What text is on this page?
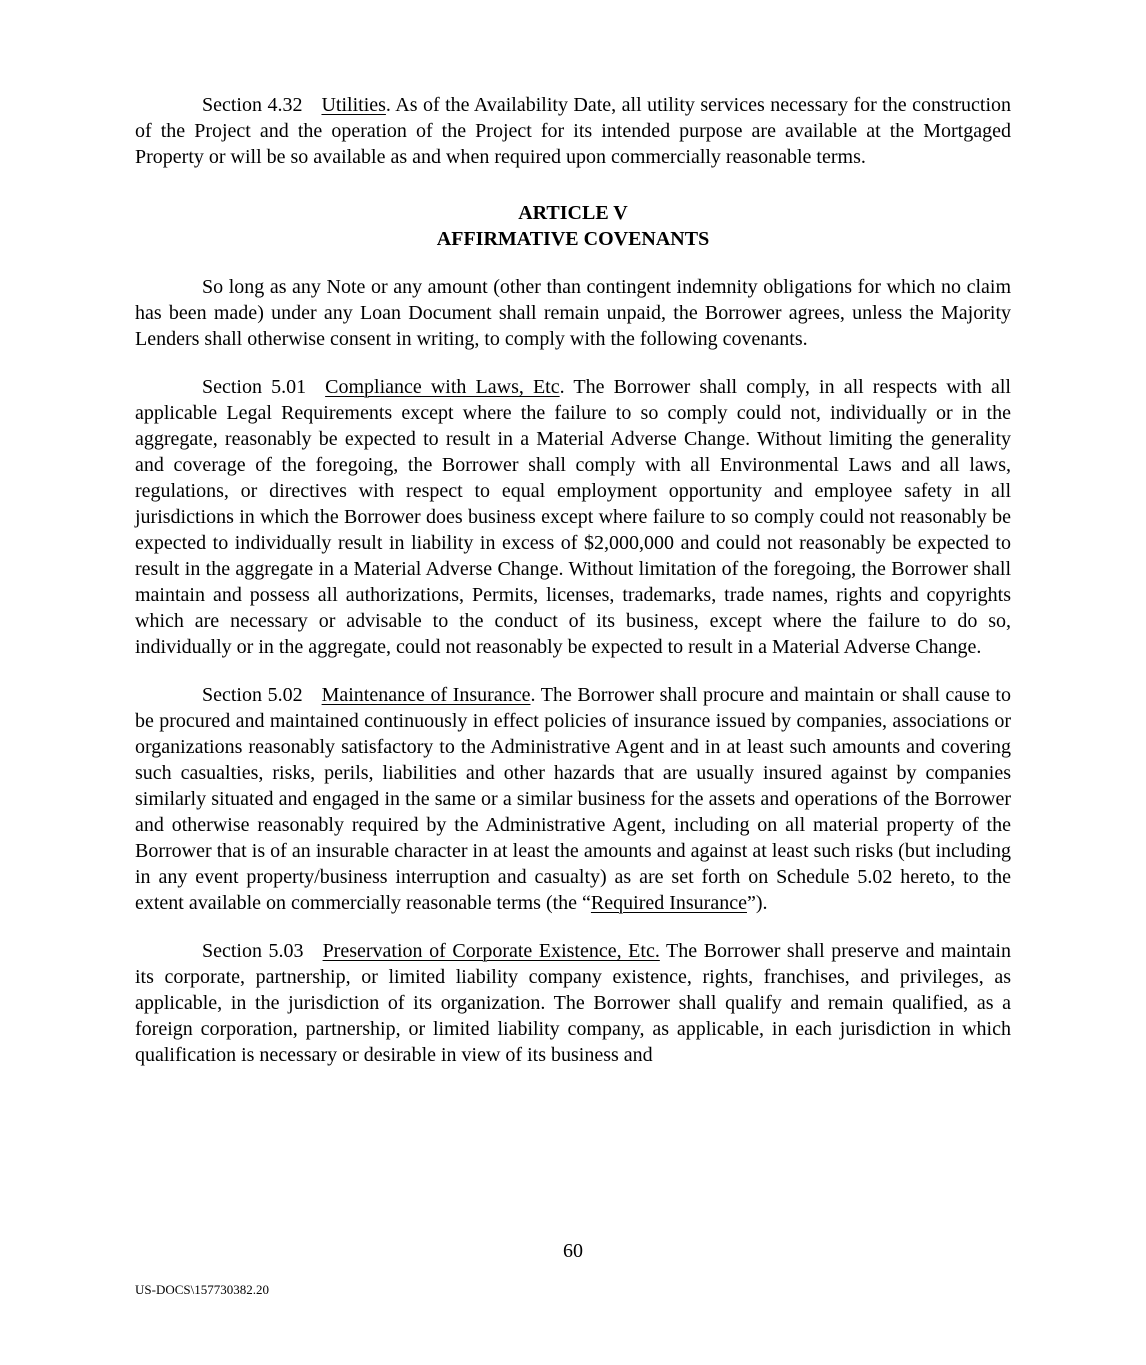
Section 4.32 Utilities. As of the Availability Date, all utility services necessary for the construction of the Project and the operation of the Project for its intended purpose are available at the Mortgaged Property or will be so available as and when required upon commercially reasonable terms.

ARTICLE V

AFFIRMATIVE COVENANTS

So long as any Note or any amount (other than contingent indemnity obligations for which no claim has been made) under any Loan Document shall remain unpaid, the Borrower agrees, unless the Majority Lenders shall otherwise consent in writing, to comply with the following covenants.

Section 5.01 Compliance with Laws, Etc. The Borrower shall comply, in all respects with all applicable Legal Requirements except where the failure to so comply could not, individually or in the aggregate, reasonably be expected to result in a Material Adverse Change. Without limiting the generality and coverage of the foregoing, the Borrower shall comply with all Environmental Laws and all laws, regulations, or directives with respect to equal employment opportunity and employee safety in all jurisdictions in which the Borrower does business except where failure to so comply could not reasonably be expected to individually result in liability in excess of $2,000,000 and could not reasonably be expected to result in the aggregate in a Material Adverse Change. Without limitation of the foregoing, the Borrower shall maintain and possess all authorizations, Permits, licenses, trademarks, trade names, rights and copyrights which are necessary or advisable to the conduct of its business, except where the failure to do so, individually or in the aggregate, could not reasonably be expected to result in a Material Adverse Change.

Section 5.02 Maintenance of Insurance. The Borrower shall procure and maintain or shall cause to be procured and maintained continuously in effect policies of insurance issued by companies, associations or organizations reasonably satisfactory to the Administrative Agent and in at least such amounts and covering such casualties, risks, perils, liabilities and other hazards that are usually insured against by companies similarly situated and engaged in the same or a similar business for the assets and operations of the Borrower and otherwise reasonably required by the Administrative Agent, including on all material property of the Borrower that is of an insurable character in at least the amounts and against at least such risks (but including in any event property/business interruption and casualty) as are set forth on Schedule 5.02 hereto, to the extent available on commercially reasonable terms (the “Required Insurance”).

Section 5.03 Preservation of Corporate Existence, Etc. The Borrower shall preserve and maintain its corporate, partnership, or limited liability company existence, rights, franchises, and privileges, as applicable, in the jurisdiction of its organization. The Borrower shall qualify and remain qualified, as a foreign corporation, partnership, or limited liability company, as applicable, in each jurisdiction in which qualification is necessary or desirable in view of its business and

60
US-DOCS\157730382.20
